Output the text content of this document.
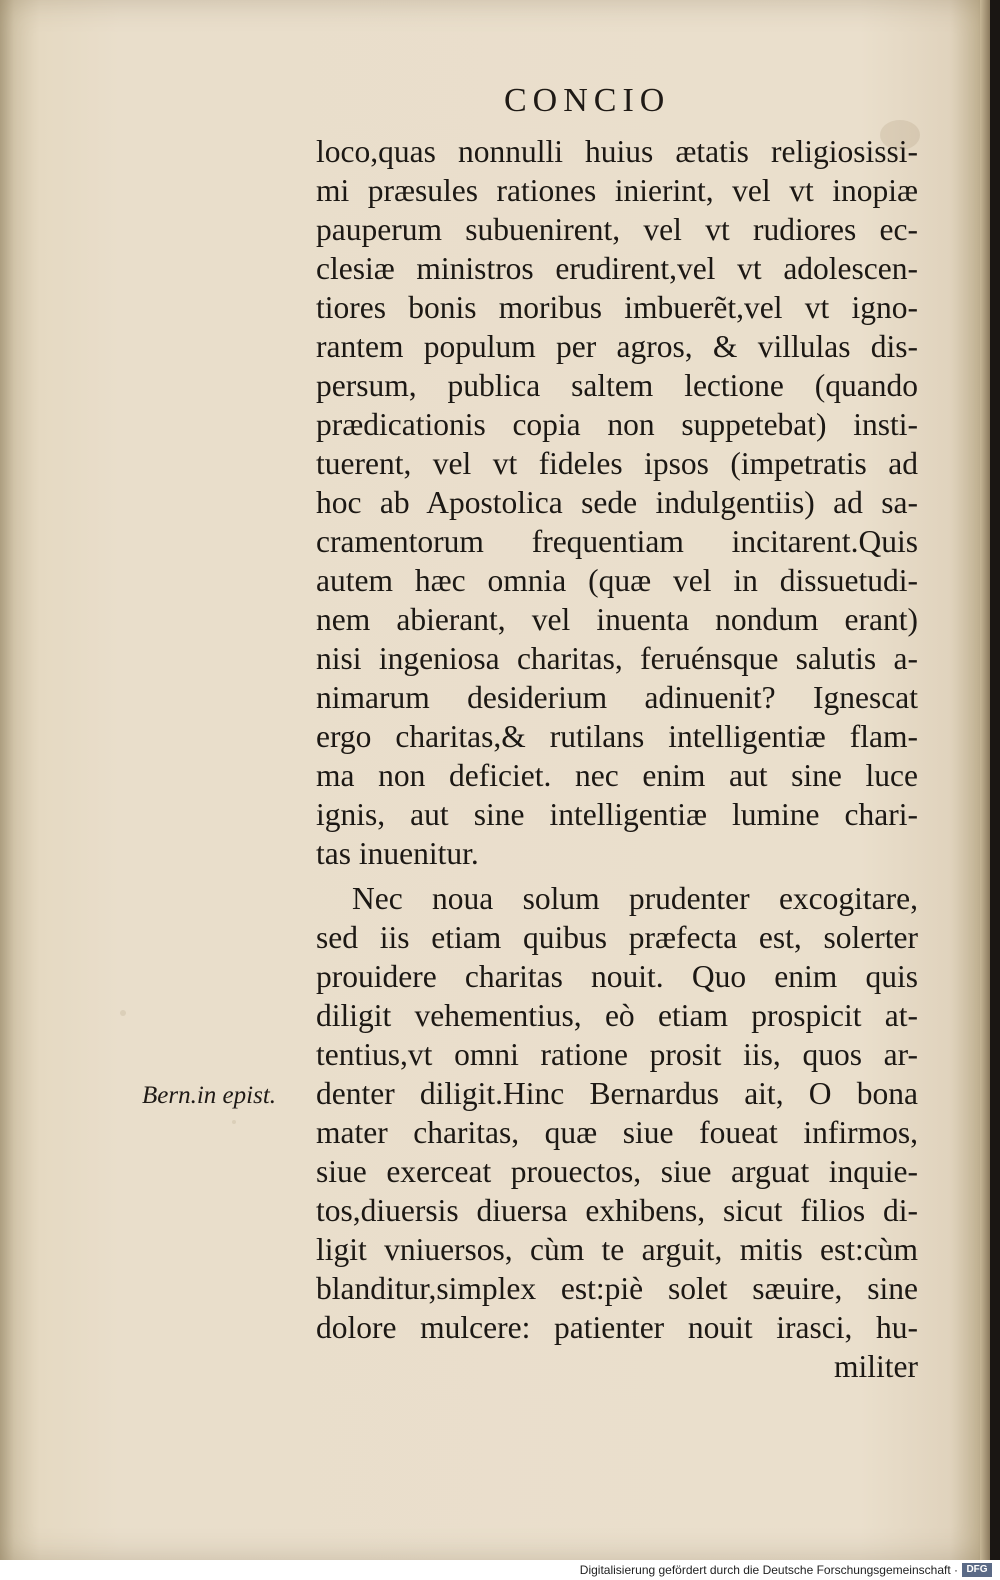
CONCIO
Bern.in epist.
loco,quas nonnulli huius ætatis religiosissi-
mi præsules rationes inierint, vel vt inopiæ
pauperum subuenirent, vel vt rudiores ec-
clesiæ ministros erudirent,vel vt adolescen-
tiores bonis moribus imbuerẽt,vel vt igno-
rantem populum per agros, & villulas dis-
persum, publica saltem lectione (quando
prædicationis copia non suppetebat) insti-
tuerent, vel vt fideles ipsos (impetratis ad
hoc ab Apostolica sede indulgentiis) ad sa-
cramentorum frequentiam incitarent.Quis
autem hæc omnia (quæ vel in dissuetudi-
nem abierant, vel inuenta nondum erant)
nisi ingeniosa charitas, feruénsque salutis a-
nimarum desiderium adinuenit? Ignescat
ergo charitas,& rutilans intelligentiæ flam-
ma non deficiet. nec enim aut sine luce
ignis, aut sine intelligentiæ lumine chari-
tas inuenitur.
Nec noua solum prudenter excogitare,
sed iis etiam quibus præfecta est, solerter
prouidere charitas nouit. Quo enim quis
diligit vehementius, eò etiam prospicit at-
tentius,vt omni ratione prosit iis, quos ar-
denter diligit.Hinc Bernardus ait, O bona
mater charitas, quæ siue foueat infirmos,
siue exerceat prouectos, siue arguat inquie-
tos,diuersis diuersa exhibens, sicut filios di-
ligit vniuersos, cùm te arguit, mitis est:cùm
blanditur,simplex est:piè solet sæuire, sine
dolore mulcere: patienter nouit irasci, hu-
militer
Digitalisierung gefördert durch die Deutsche Forschungsgemeinschaft · DFG
